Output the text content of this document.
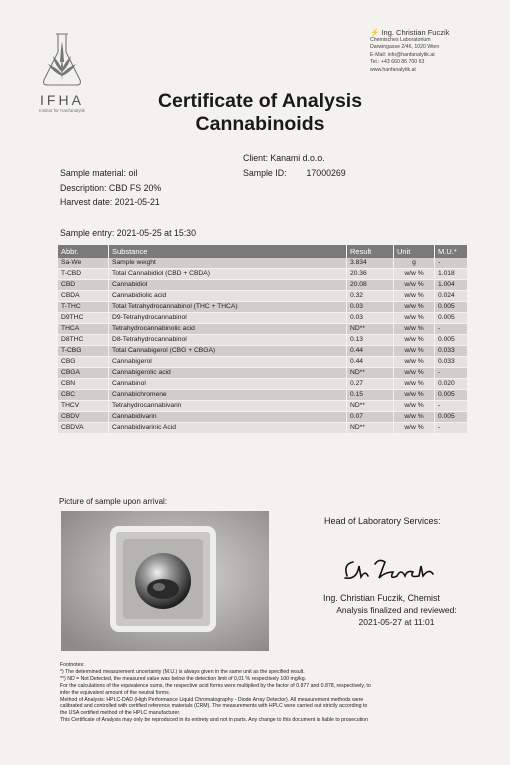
IFHA
Institut für Hanfanalytik
⚡ Ing. Christian Fuczik
Chemisches Laboratorium
Darwingasse 2/46, 1020 Wien
E-Mail: info@hanfanalytik.at
Tel.: +43 660 86 700 63
www.hanfanalytik.at
Certificate of Analysis
Cannabinoids
Client: Kanami d.o.o.
Sample ID: 17000269
Sample material: oil
Description: CBD FS 20%
Harvest date: 2021-05-21
Sample entry: 2021-05-25 at 15:30
Abbr.	Substance	Result	Unit	M.U.*
Sa-We	Sample weight	3.834	g	-
T-CBD	Total Cannabidiol (CBD + CBDA)	20.36	w/w %	1.018
CBD	Cannabidiol	20.08	w/w %	1.004
CBDA	Cannabidiolic acid	0.32	w/w %	0.024
T-THC	Total Tetrahydrocannabinol (THC + THCA)	0.03	w/w %	0.005
D9THC	D9-Tetrahydrocannabinol	0.03	w/w %	0.005
THCA	Tetrahydrocannabinolic acid	ND**	w/w %	-
D8THC	D8-Tetrahydrocannabinol	0.13	w/w %	0.005
T-CBG	Total Cannabigerol (CBG + CBGA)	0.44	w/w %	0.033
CBG	Cannabigerol	0.44	w/w %	0.033
CBGA	Cannabigerolic acid	ND**	w/w %	-
CBN	Cannabinol	0.27	w/w %	0.020
CBC	Cannabichromene	0.15	w/w %	0.005
THCV	Tetrahydrocannabivarin	ND**	w/w %	-
CBDV	Cannabidivarin	0.07	w/w %	0.005
CBDVA	Cannabidivarinic Acid	ND**	w/w %	-
Picture of sample upon arrival:
Head of Laboratory Services:
Ing. Christian Fuczik, Chemist
Analysis finalized and reviewed:
2021-05-27 at 11:01
Footnotes:
*) The determined measurement uncertainty (M.U.) is always given in the same unit as the specified result.
**) ND = Not Detected, the measured value was below the detection limit of 0,01 % respectively 100 mg/kg.
For the calculations of the equivalence sums, the respective acid forms were multiplied by the factor of 0.877 and 0.878, respectively, to
infer the equivalent amount of the neutral forms.
Method of Analysis: HPLC-DAD (High Performance Liquid Chromatography - Diode Array Detector). All measurement methods were
calibrated and controlled with certified reference materials (CRM). The measurements with HPLC were carried out strictly according to
the USA certified method of the HPLC manufacturer.
This Certificate of Analysis may only be reproduced in its entirety and not in parts. Any change to this document is liable to prosecution
